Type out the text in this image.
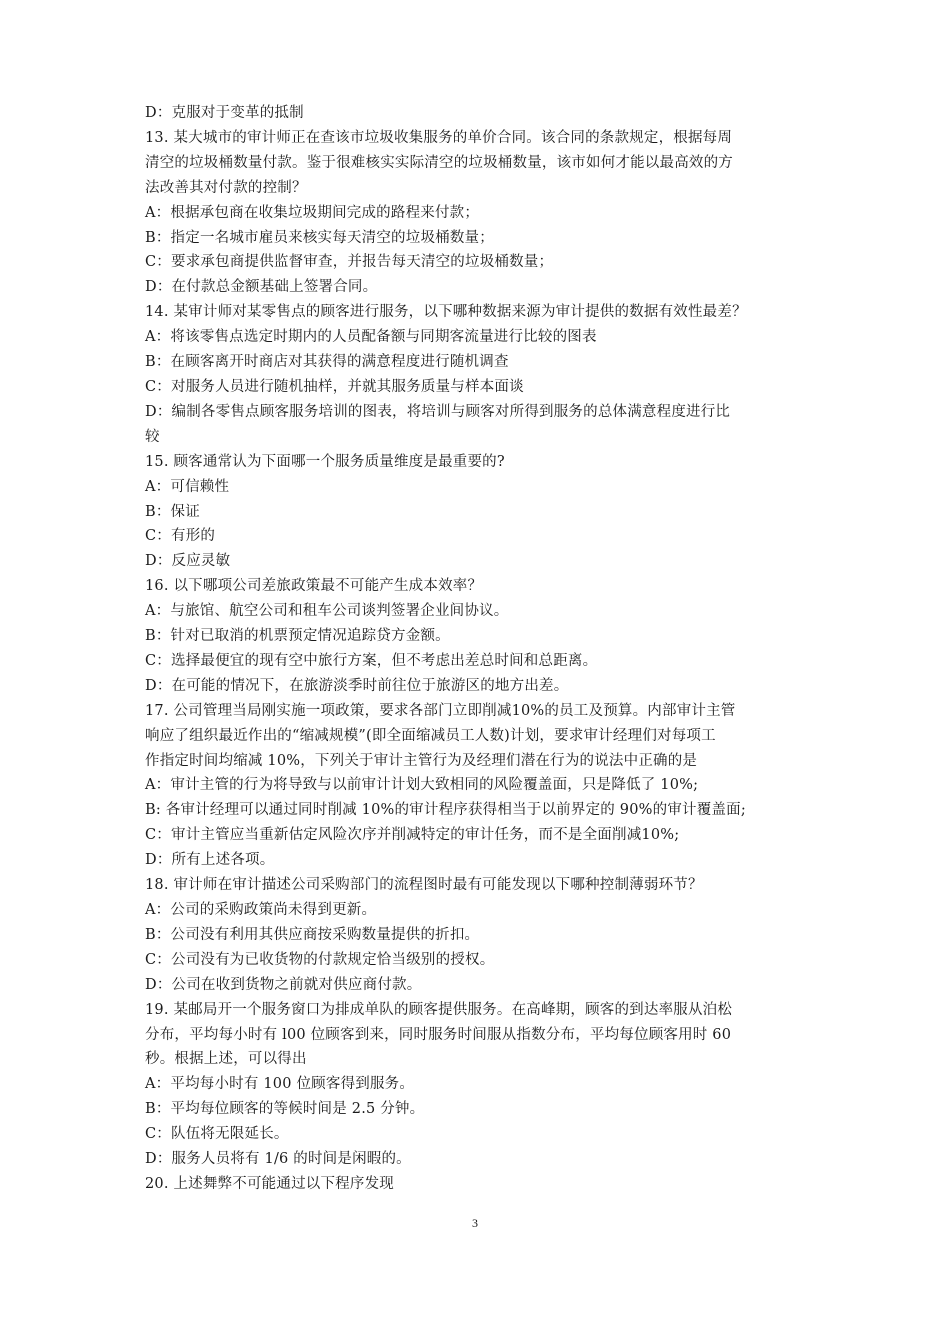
D：克服对于变革的抵制
13. 某大城市的审计师正在查该市垃圾收集服务的单价合同。该合同的条款规定，根据每周
清空的垃圾桶数量付款。鉴于很难核实实际清空的垃圾桶数量，该市如何才能以最高效的方
法改善其对付款的控制？
A：根据承包商在收集垃圾期间完成的路程来付款；
B：指定一名城市雇员来核实每天清空的垃圾桶数量；
C：要求承包商提供监督审查，并报告每天清空的垃圾桶数量；
D：在付款总金额基础上签署合同。
14. 某审计师对某零售点的顾客进行服务，以下哪种数据来源为审计提供的数据有效性最差？
A：将该零售点选定时期内的人员配备额与同期客流量进行比较的图表
B：在顾客离开时商店对其获得的满意程度进行随机调查
C：对服务人员进行随机抽样，并就其服务质量与样本面谈
D：编制各零售点顾客服务培训的图表，将培训与顾客对所得到服务的总体满意程度进行比
较
15. 顾客通常认为下面哪一个服务质量维度是最重要的?
A：可信赖性
B：保证
C：有形的
D：反应灵敏
16. 以下哪项公司差旅政策最不可能产生成本效率？
A：与旅馆、航空公司和租车公司谈判签署企业间协议。
B：针对已取消的机票预定情况追踪贷方金额。
C：选择最便宜的现有空中旅行方案，但不考虑出差总时间和总距离。
D：在可能的情况下，在旅游淡季时前往位于旅游区的地方出差。
17. 公司管理当局刚实施一项政策，要求各部门立即削减10%的员工及预算。内部审计主管
响应了组织最近作出的“缩减规模”(即全面缩减员工人数)计划，要求审计经理们对每项工
作指定时间均缩减 10%，下列关于审计主管行为及经理们潜在行为的说法中正确的是
A：审计主管的行为将导致与以前审计计划大致相同的风险覆盖面，只是降低了 10%;
B: 各审计经理可以通过同时削减 10%的审计程序获得相当于以前界定的 90%的审计覆盖面;
C：审计主管应当重新估定风险次序并削减特定的审计任务，而不是全面削减10%;
D：所有上述各项。
18. 审计师在审计描述公司采购部门的流程图时最有可能发现以下哪种控制薄弱环节？
A：公司的采购政策尚未得到更新。
B：公司没有利用其供应商按采购数量提供的折扣。
C：公司没有为已收货物的付款规定恰当级别的授权。
D：公司在收到货物之前就对供应商付款。
19. 某邮局开一个服务窗口为排成单队的顾客提供服务。在高峰期，顾客的到达率服从泊松
分布，平均每小时有 l00 位顾客到来，同时服务时间服从指数分布，平均每位顾客用时 60
秒。根据上述，可以得出
A：平均每小时有 100 位顾客得到服务。
B：平均每位顾客的等候时间是 2.5 分钟。
C：队伍将无限延长。
D：服务人员将有 1/6 的时间是闲暇的。
20. 上述舞弊不可能通过以下程序发现
3
